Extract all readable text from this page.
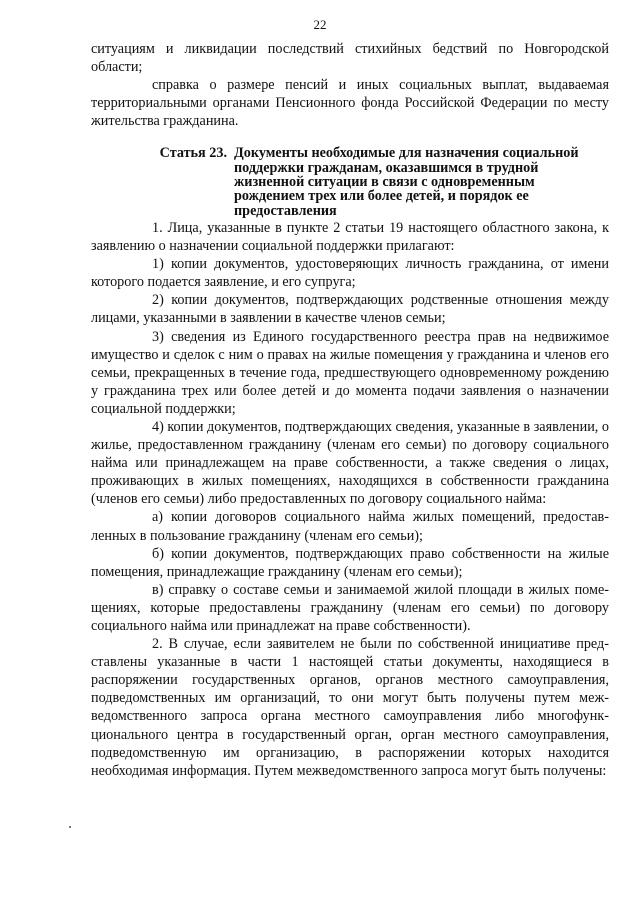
22

ситуациям и ликвидации последствий стихийных бедствий по Новгородской области;

справка о размере пенсий и иных социальных выплат, выдаваемая территориальными органами Пенсионного фонда Российской Федерации по месту жительства гражданина.

Статья 23. Документы необходимые для назначения социальной поддержки гражданам, оказавшимся в трудной жизненной ситуации в связи с одновременным рождением трех или более детей, и порядок ее предоставления

1. Лица, указанные в пункте 2 статьи 19 настоящего областного закона, к заявлению о назначении социальной поддержки прилагают:

1) копии документов, удостоверяющих личность гражданина, от имени которого подается заявление, и его супруга;

2) копии документов, подтверждающих родственные отношения между лицами, указанными в заявлении в качестве членов семьи;

3) сведения из Единого государственного реестра прав на недвижимое имущество и сделок с ним о правах на жилые помещения у гражданина и членов его семьи, прекращенных в течение года, предшествующего одновременному рождению у гражданина трех или более детей и до момента подачи заявления о назначении социальной поддержки;

4) копии документов, подтверждающих сведения, указанные в заявлении, о жилье, предоставленном гражданину (членам его семьи) по договору социального найма или принадлежащем на праве собственности, а также сведения о лицах, проживающих в жилых помещениях, находящихся в собственности гражданина (членов его семьи) либо предоставленных по договору социального найма:

а) копии договоров социального найма жилых помещений, предоставленных в пользование гражданину (членам его семьи);

б) копии документов, подтверждающих право собственности на жилые помещения, принадлежащие гражданину (членам его семьи);

в) справку о составе семьи и занимаемой жилой площади в жилых помещениях, которые предоставлены гражданину (членам его семьи) по договору социального найма или принадлежат на праве собственности).

2. В случае, если заявителем не были по собственной инициативе представлены указанные в части 1 настоящей статьи документы, находящиеся в распоряжении государственных органов, органов местного самоуправления, подведомственных им организаций, то они могут быть получены путем межведомственного запроса органа местного самоуправления либо многофункционального центра в государственный орган, орган местного самоуправления, подведомственную им организацию, в распоряжении которых находится необходимая информация. Путем межведомственного запроса могут быть получены:
